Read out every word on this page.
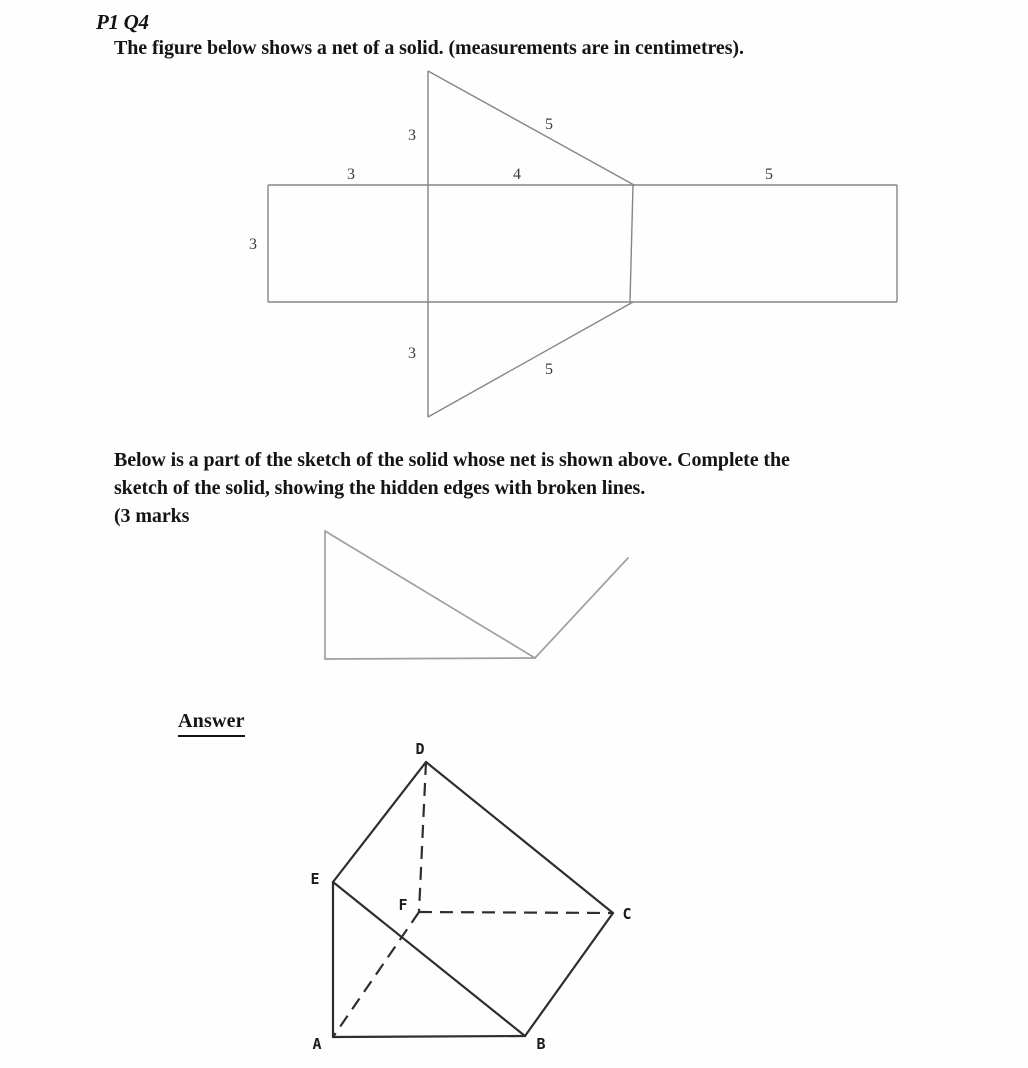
P1 Q4
The figure below shows a net of a solid. (measurements are in centimetres).
Below is a part of the sketch of the solid whose net is shown above. Complete the
sketch of the solid, showing the hidden edges with broken lines.
(3 marks
Answer
3
5
3	4	5
3
3
5
D
E
F	C
A	B
